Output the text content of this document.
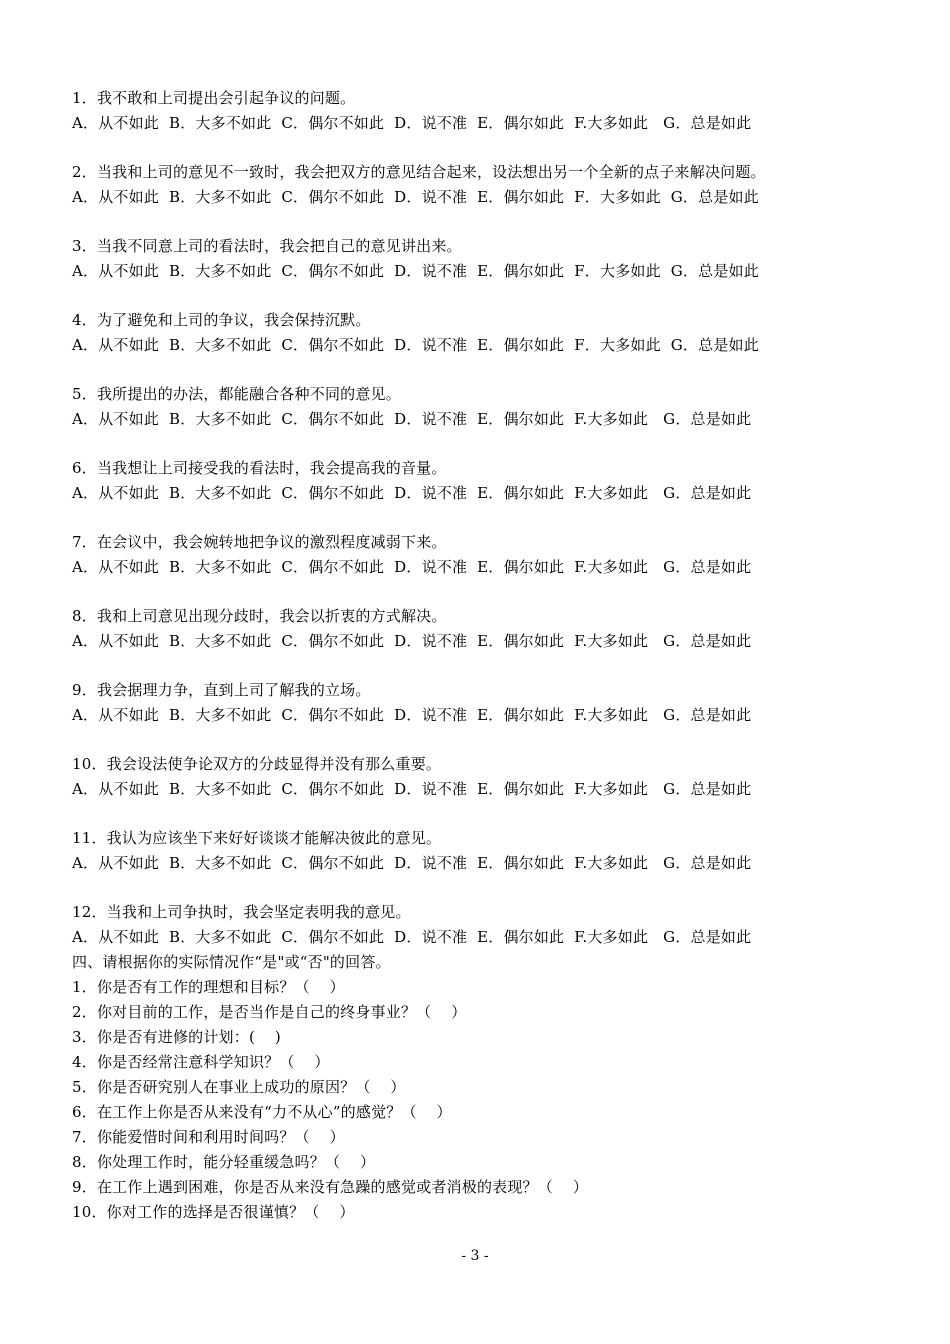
1．我不敢和上司提出会引起争议的问题。
A．从不如此  B．大多不如此  C．偶尔不如此  D．说不准  E．偶尔如此  F.大多如此   G．总是如此
2．当我和上司的意见不一致时，我会把双方的意见结合起来，设法想出另一个全新的点子来解决问题。
A．从不如此  B．大多不如此  C．偶尔不如此  D．说不准  E．偶尔如此  F．大多如此  G．总是如此
3．当我不同意上司的看法时，我会把自己的意见讲出来。
A．从不如此  B．大多不如此  C．偶尔不如此  D．说不准  E．偶尔如此  F．大多如此  G．总是如此
4．为了避免和上司的争议，我会保持沉默。
A．从不如此  B．大多不如此  C．偶尔不如此  D．说不准  E．偶尔如此  F．大多如此  G．总是如此
5．我所提出的办法，都能融合各种不同的意见。
A．从不如此  B．大多不如此  C．偶尔不如此  D．说不准  E．偶尔如此  F.大多如此   G．总是如此
6．当我想让上司接受我的看法时，我会提高我的音量。
A．从不如此  B．大多不如此  C．偶尔不如此  D．说不准  E．偶尔如此  F.大多如此   G．总是如此
7．在会议中，我会婉转地把争议的激烈程度减弱下来。
A．从不如此  B．大多不如此  C．偶尔不如此  D．说不准  E．偶尔如此  F.大多如此   G．总是如此
8．我和上司意见出现分歧时，我会以折衷的方式解决。
A．从不如此  B．大多不如此  C．偶尔不如此  D．说不准  E．偶尔如此  F.大多如此   G．总是如此
9．我会据理力争，直到上司了解我的立场。
A．从不如此  B．大多不如此  C．偶尔不如此  D．说不准  E．偶尔如此  F.大多如此   G．总是如此
10．我会设法使争论双方的分歧显得并没有那么重要。
A．从不如此  B．大多不如此  C．偶尔不如此  D．说不准  E．偶尔如此  F.大多如此   G．总是如此
11．我认为应该坐下来好好谈谈才能解决彼此的意见。
A．从不如此  B．大多不如此  C．偶尔不如此  D．说不准  E．偶尔如此  F.大多如此   G．总是如此
12．当我和上司争执时，我会坚定表明我的意见。
A．从不如此  B．大多不如此  C．偶尔不如此  D．说不准  E．偶尔如此  F.大多如此   G．总是如此
四、请根据你的实际情况作“是"或“否"的回答。
1．你是否有工作的理想和目标？（    ）
2．你对目前的工作，是否当作是自己的终身事业？（    ）
3．你是否有进修的计划：(    )
4．你是否经常注意科学知识？（    ）
5．你是否研究别人在事业上成功的原因？（    ）
6．在工作上你是否从来没有“力不从心”的感觉？（    ）
7．你能爱惜时间和利用时间吗？（    ）
8．你处理工作时，能分轻重缓急吗？（    ）
9．在工作上遇到困难，你是否从来没有急躁的感觉或者消极的表现？（    ）
10．你对工作的选择是否很谨慎？（    ）
- 3 -
